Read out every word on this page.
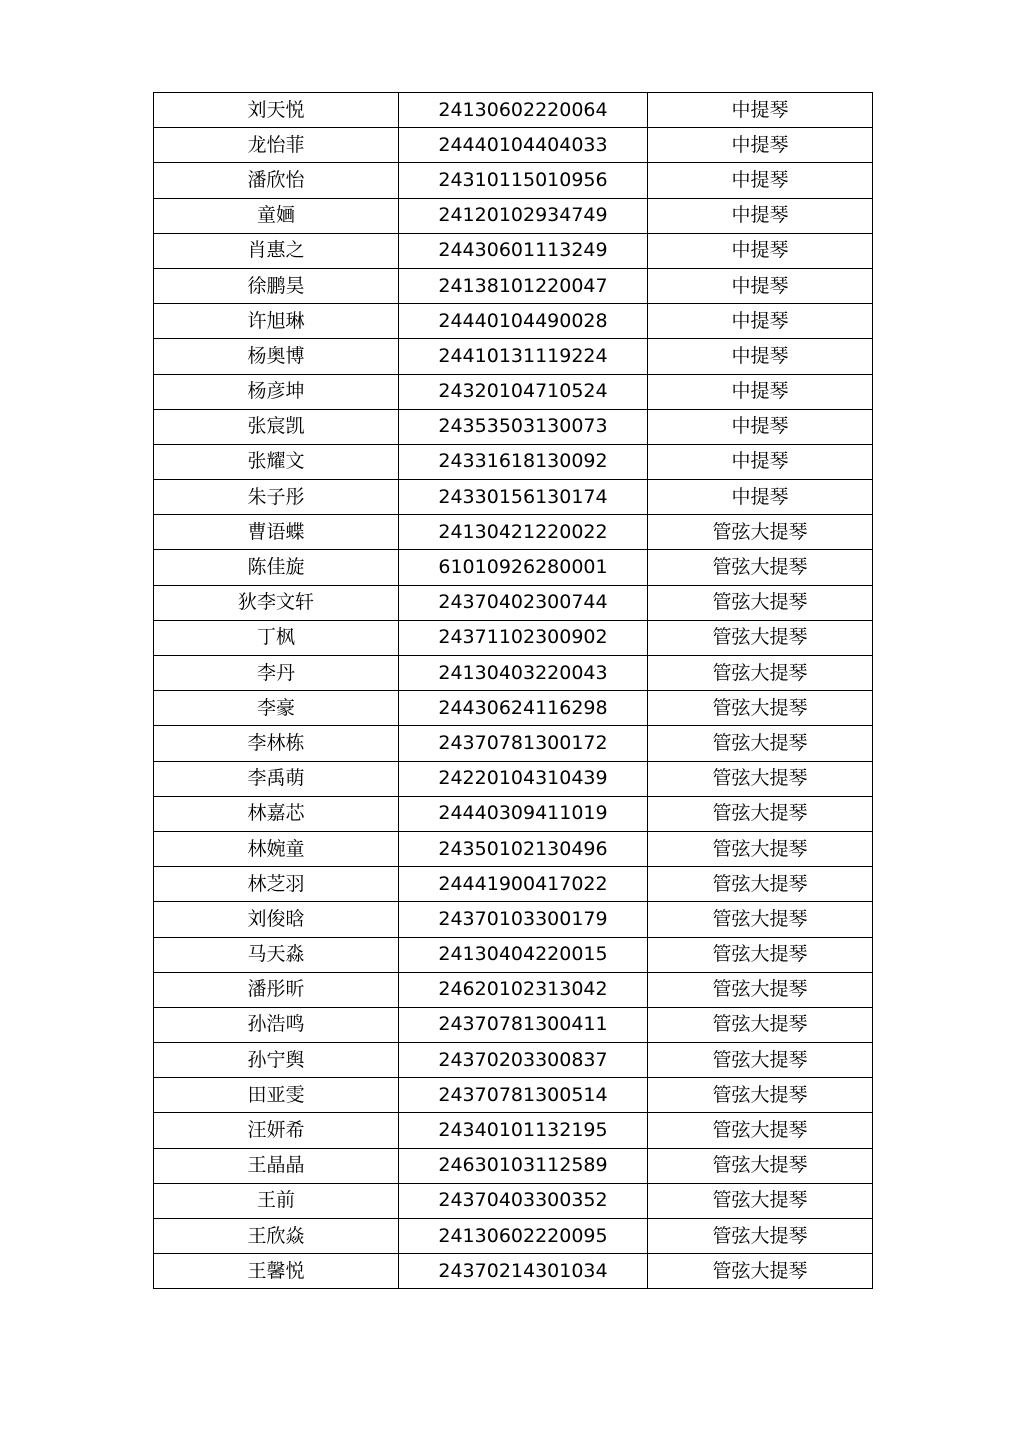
刘天悦	24130602220064	中提琴
龙怡菲	24440104404033	中提琴
潘欣怡	24310115010956	中提琴
童婳	24120102934749	中提琴
肖惠之	24430601113249	中提琴
徐鹏昊	24138101220047	中提琴
许旭琳	24440104490028	中提琴
杨奥博	24410131119224	中提琴
杨彦坤	24320104710524	中提琴
张宸凯	24353503130073	中提琴
张耀文	24331618130092	中提琴
朱子彤	24330156130174	中提琴
曹语蝶	24130421220022	管弦大提琴
陈佳旋	61010926280001	管弦大提琴
狄李文轩	24370402300744	管弦大提琴
丁枫	24371102300902	管弦大提琴
李丹	24130403220043	管弦大提琴
李豪	24430624116298	管弦大提琴
李林栋	24370781300172	管弦大提琴
李禹萌	24220104310439	管弦大提琴
林嘉芯	24440309411019	管弦大提琴
林婉童	24350102130496	管弦大提琴
林芝羽	24441900417022	管弦大提琴
刘俊晗	24370103300179	管弦大提琴
马天淼	24130404220015	管弦大提琴
潘彤昕	24620102313042	管弦大提琴
孙浩鸣	24370781300411	管弦大提琴
孙宁舆	24370203300837	管弦大提琴
田亚雯	24370781300514	管弦大提琴
汪妍希	24340101132195	管弦大提琴
王晶晶	24630103112589	管弦大提琴
王前	24370403300352	管弦大提琴
王欣焱	24130602220095	管弦大提琴
王馨悦	24370214301034	管弦大提琴
